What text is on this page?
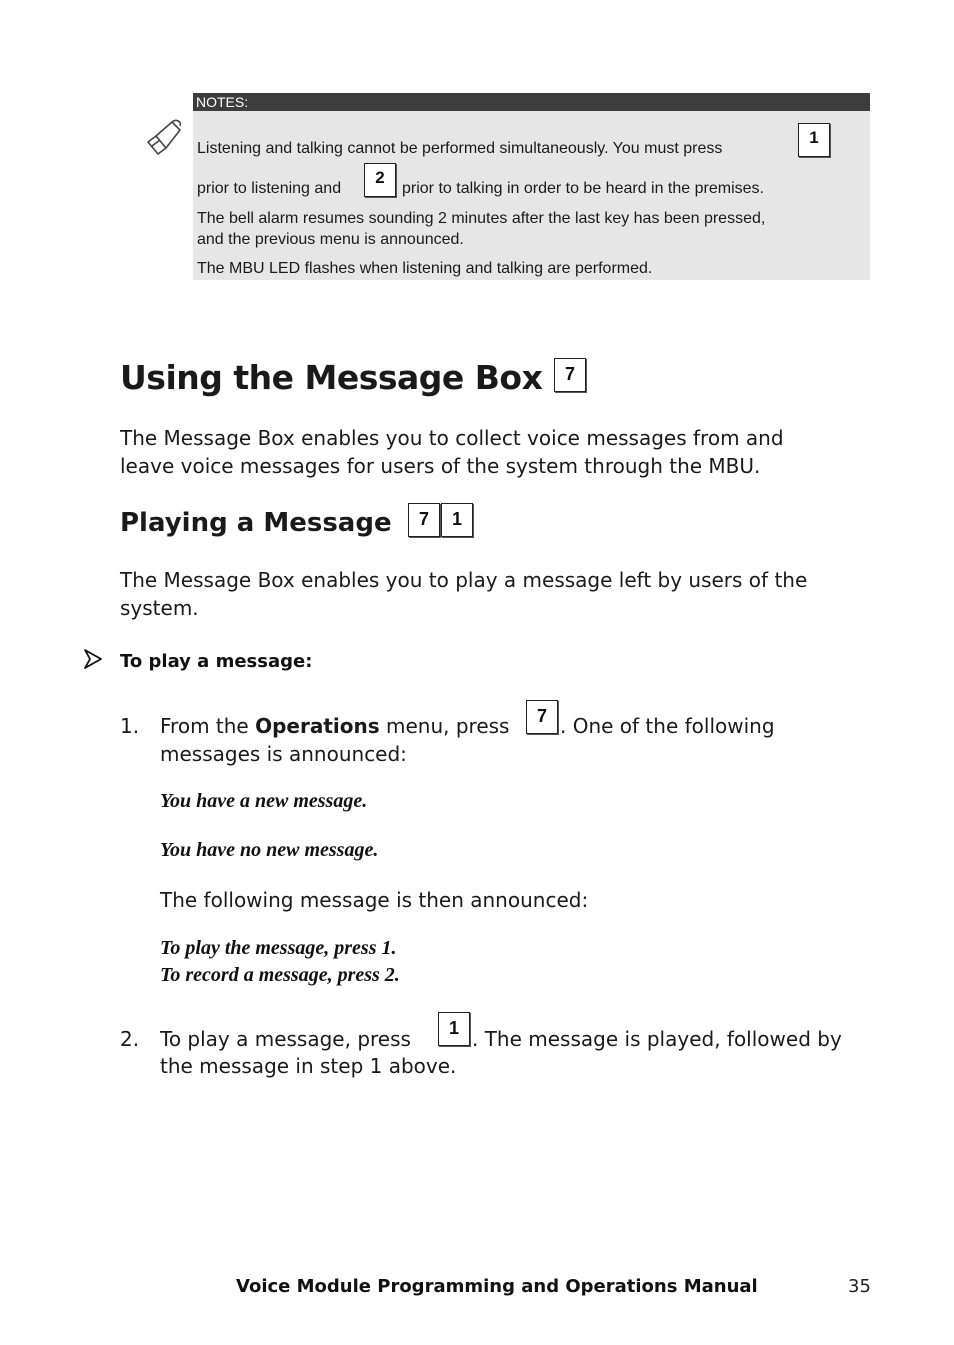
NOTES:
Listening and talking cannot be performed simultaneously. You must press
1
prior to listening and
2
prior to talking in order to be heard in the premises.
The bell alarm resumes sounding 2 minutes after the last key has been pressed,
and the previous menu is announced.
The MBU LED flashes when listening and talking are performed.
Using the Message Box	7
The Message Box enables you to collect voice messages from and
leave voice messages for users of the system through the MBU.
Playing a Message	7	1
The Message Box enables you to play a message left by users of the
system.
To play a message:
1. From the Operations menu, press	7 . One of the following
messages is announced:
You have a new message.
You have no new message.
The following message is then announced:
To play the message, press 1.
To record a message, press 2.
2. To play a message, press	1 . The message is played, followed by
the message in step 1 above.
Voice Module Programming and Operations Manual	35
